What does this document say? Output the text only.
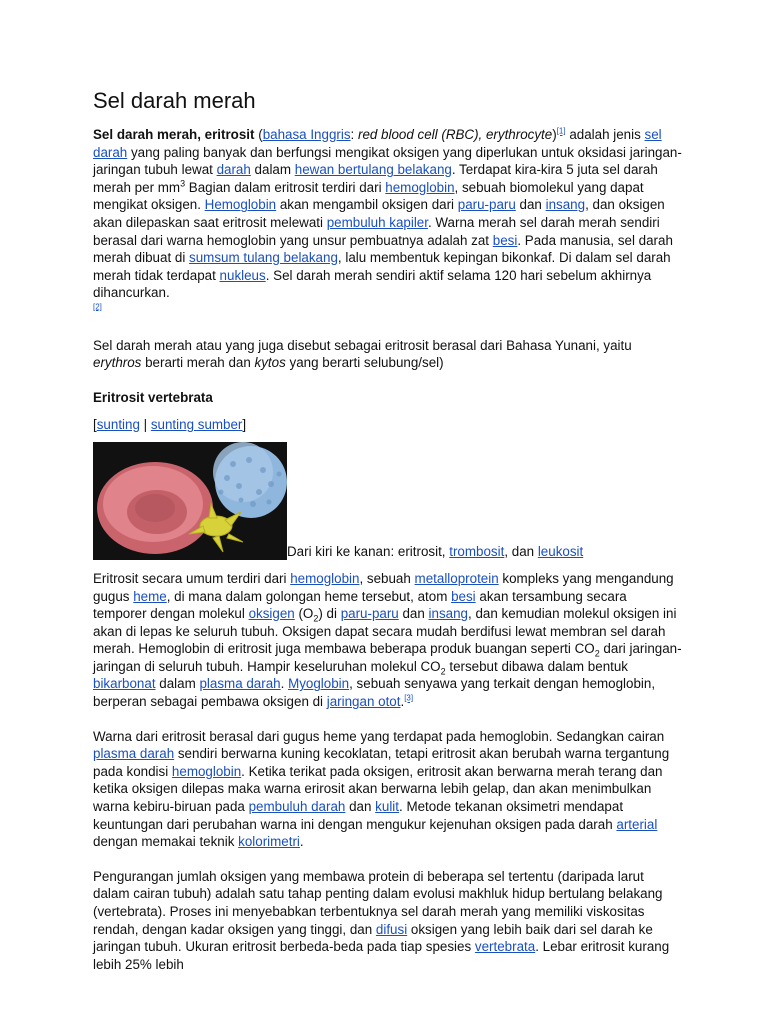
Sel darah merah

Sel darah merah, eritrosit (bahasa Inggris: red blood cell (RBC), erythrocyte)[1] adalah jenis sel darah yang paling banyak dan berfungsi mengikat oksigen yang diperlukan untuk oksidasi jaringan-jaringan tubuh lewat darah dalam hewan bertulang belakang. Terdapat kira-kira 5 juta sel darah merah per $mm^3$ Bagian dalam eritrosit terdiri dari hemoglobin, sebuah biomolekul yang dapat mengikat oksigen. Hemoglobin akan mengambil oksigen dari paru-paru dan insang, dan oksigen akan dilepaskan saat eritrosit melewati pembuluh kapiler. Warna merah sel darah merah sendiri berasal dari warna hemoglobin yang unsur pembuatnya adalah zat besi. Pada manusia, sel darah merah dibuat di sumsum tulang belakang, lalu membentuk kepingan bikonkaf. Di dalam sel darah merah tidak terdapat nukleus. Sel darah merah sendiri aktif selama 120 hari sebelum akhirnya dihancurkan.
[2]

Sel darah merah atau yang juga disebut sebagai eritrosit berasal dari Bahasa Yunani, yaitu erythros berarti merah dan kytos yang berarti selubung/sel)

Eritrosit vertebrata
[sunting | sunting sumber]
Dari kiri ke kanan: eritrosit, trombosit, dan leukosit

Eritrosit secara umum terdiri dari hemoglobin, sebuah metalloprotein kompleks yang mengandung gugus heme, di mana dalam golongan heme tersebut, atom besi akan tersambung secara temporer dengan molekul oksigen $(O_2)$ di paru-paru dan insang, dan kemudian molekul oksigen ini akan di lepas ke seluruh tubuh. Oksigen dapat secara mudah berdifusi lewat membran sel darah merah. Hemoglobin di eritrosit juga membawa beberapa produk buangan seperti $CO_2$ dari jaringan-jaringan di seluruh tubuh. Hampir keseluruhan molekul $CO_2$ tersebut dibawa dalam bentuk bikarbonat dalam plasma darah. Myoglobin, sebuah senyawa yang terkait dengan hemoglobin, berperan sebagai pembawa oksigen di jaringan otot.[3]

Warna dari eritrosit berasal dari gugus heme yang terdapat pada hemoglobin. Sedangkan cairan plasma darah sendiri berwarna kuning kecoklatan, tetapi eritrosit akan berubah warna tergantung pada kondisi hemoglobin. Ketika terikat pada oksigen, eritrosit akan berwarna merah terang dan ketika oksigen dilepas maka warna erirosit akan berwarna lebih gelap, dan akan menimbulkan warna kebiru-biruan pada pembuluh darah dan kulit. Metode tekanan oksimetri mendapat keuntungan dari perubahan warna ini dengan mengukur kejenuhan oksigen pada darah arterial dengan memakai teknik kolorimetri.

Pengurangan jumlah oksigen yang membawa protein di beberapa sel tertentu (daripada larut dalam cairan tubuh) adalah satu tahap penting dalam evolusi makhluk hidup bertulang belakang (vertebrata). Proses ini menyebabkan terbentuknya sel darah merah yang memiliki viskositas rendah, dengan kadar oksigen yang tinggi, dan difusi oksigen yang lebih baik dari sel darah ke jaringan tubuh. Ukuran eritrosit berbeda-beda pada tiap spesies vertebrata. Lebar eritrosit kurang lebih 25% lebih
